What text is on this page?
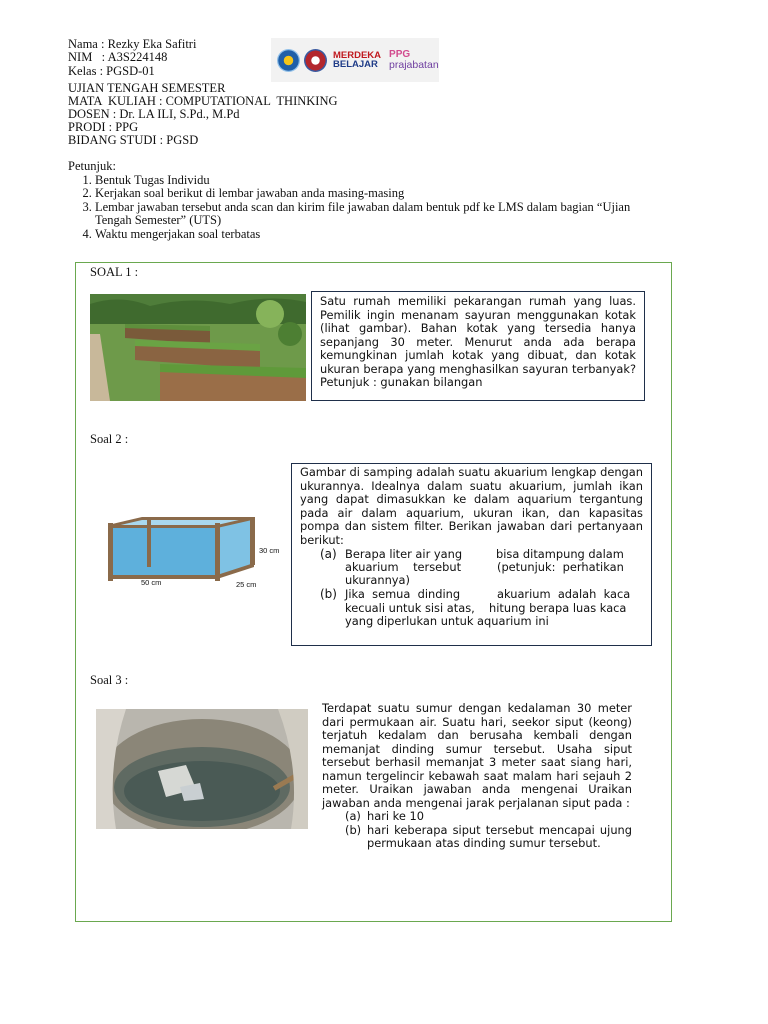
Nama : Rezky Eka Safitri
NIM   : A3S224148
Kelas : PGSD-01
UJIAN TENGAH SEMESTER
MATA  KULIAH : COMPUTATIONAL  THINKING
DOSEN : Dr. LA ILI, S.Pd., M.Pd
PRODI : PPG
BIDANG STUDI : PGSD
MERDEKA
BELAJAR
PPG
prajabatan
Petunjuk:
1. Bentuk Tugas Individu
2. Kerjakan soal berikut di lembar jawaban anda masing-masing
3. Lembar jawaban tersebut anda scan dan kirim file jawaban dalam bentuk pdf ke LMS dalam bagian “Ujian Tengah Semester” (UTS)
4. Waktu mengerjakan soal terbatas
SOAL 1 :
Satu rumah memiliki pekarangan rumah yang luas. Pemilik ingin menanam sayuran menggunakan kotak (lihat gambar). Bahan kotak yang tersedia hanya sepanjang 30 meter. Menurut anda ada berapa kemungkinan jumlah kotak yang dibuat, dan kotak ukuran berapa yang menghasilkan sayuran terbanyak? Petunjuk : gunakan bilangan
Soal 2 :
30 cm
50 cm	25 cm
Gambar di samping adalah suatu akuarium lengkap dengan ukurannya. Idealnya dalam suatu akuarium, jumlah ikan yang dapat dimasukkan ke dalam aquarium tergantung pada air dalam aquarium, ukuran ikan, dan kapasitas pompa dan sistem filter. Berikan jawaban dari pertanyaan berikut:
(a) Berapa liter air yang	bisa ditampung dalam
akuarium    tersebut	(petunjuk:  perhatikan
ukurannya)
(b) Jika  semua  dinding	akuarium  adalah  kaca
kecuali untuk sisi atas, hitung berapa luas kaca
yang diperlukan untuk aquarium ini
Soal 3 :
Terdapat suatu sumur dengan kedalaman 30 meter dari permukaan air. Suatu hari, seekor siput (keong) terjatuh kedalam dan berusaha kembali dengan memanjat dinding sumur tersebut. Usaha siput tersebut berhasil memanjat 3 meter saat siang hari, namun tergelincir kebawah saat malam hari sejauh 2 meter. Uraikan jawaban anda mengenai Uraikan jawaban anda mengenai jarak perjalanan siput pada :
(a) hari ke 10
(b) hari keberapa siput tersebut mencapai ujung permukaan atas dinding sumur tersebut.
